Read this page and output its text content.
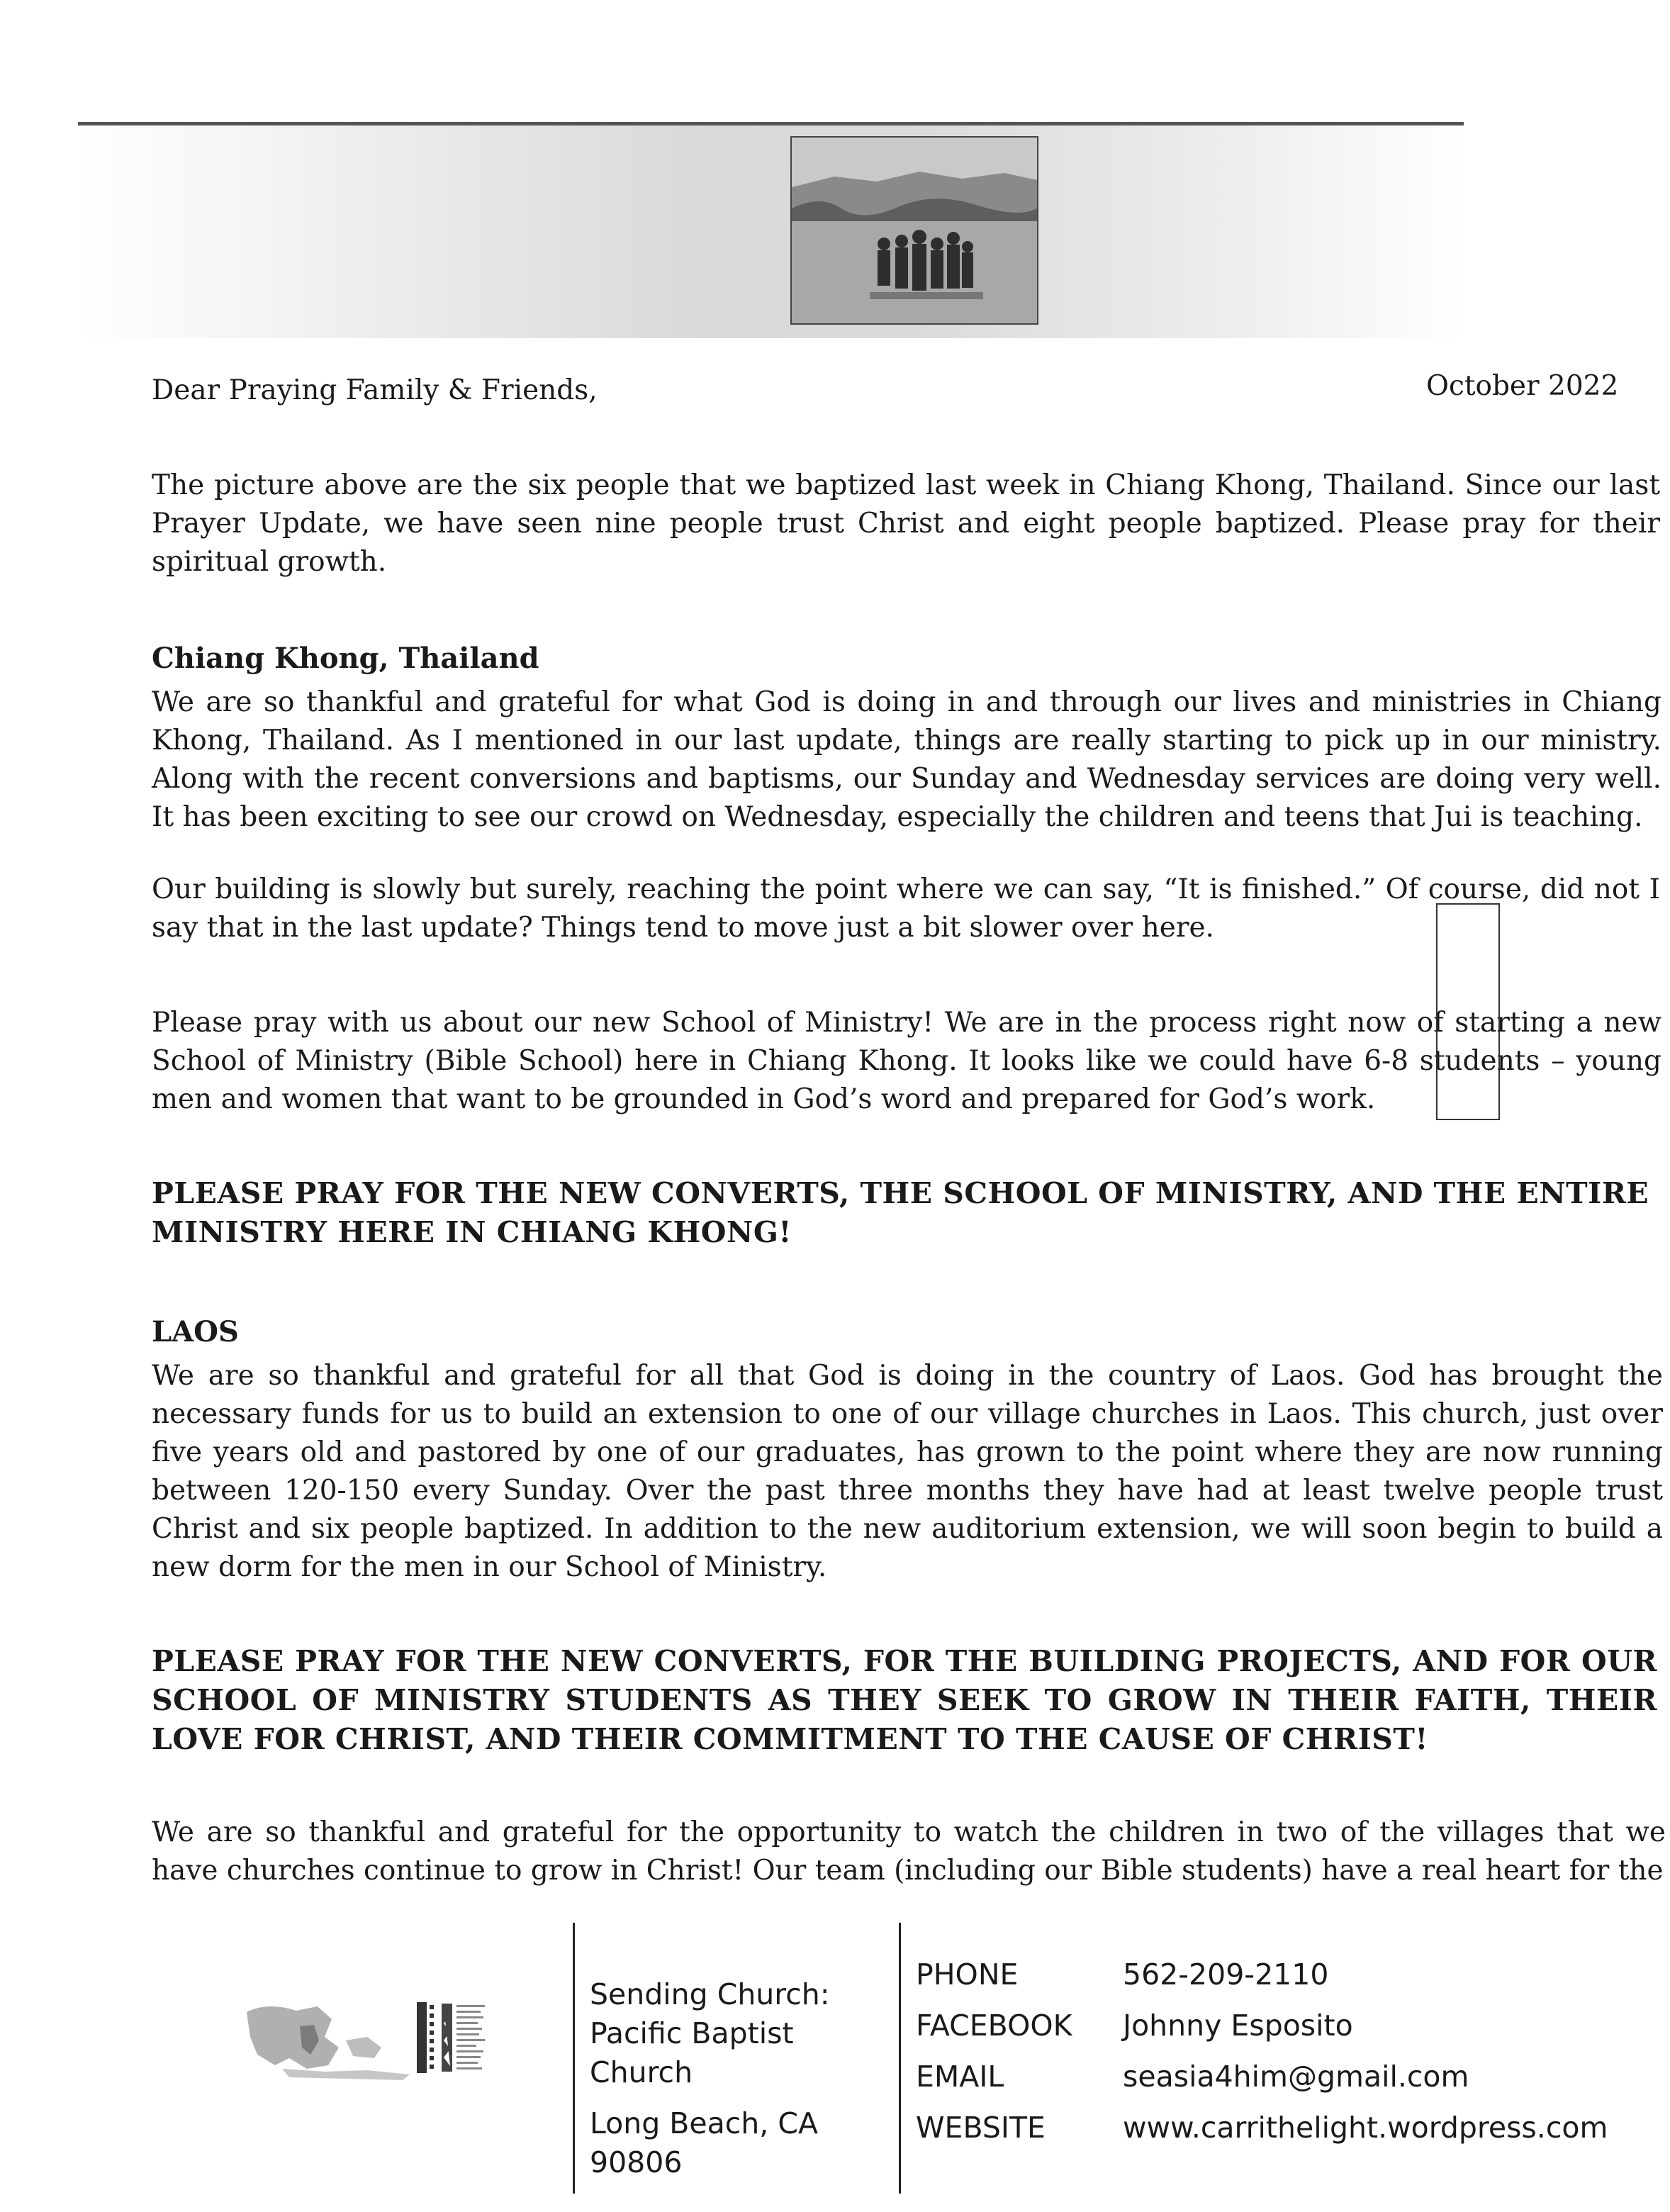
Dear Praying Family & Friends,	October 2022
The picture above are the six people that we baptized last week in Chiang Khong, Thailand. Since our last Prayer Update, we have seen nine people trust Christ and eight people baptized. Please pray for their spiritual growth.
Chiang Khong, Thailand
We are so thankful and grateful for what God is doing in and through our lives and ministries in Chiang Khong, Thailand. As I mentioned in our last update, things are really starting to pick up in our ministry. Along with the recent conversions and baptisms, our Sunday and Wednesday services are doing very well. It has been exciting to see our crowd on Wednesday, especially the children and teens that Jui is teaching.
Our building is slowly but surely, reaching the point where we can say, “It is finished.” Of course, did not I say that in the last update? Things tend to move just a bit slower over here.
Please pray with us about our new School of Ministry! We are in the process right now of starting a new School of Ministry (Bible School) here in Chiang Khong. It looks like we could have 6-8 students – young men and women that want to be grounded in God’s word and prepared for God’s work.
PLEASE PRAY FOR THE NEW CONVERTS, THE SCHOOL OF MINISTRY, AND THE ENTIRE MINISTRY HERE IN CHIANG KHONG!
LAOS
We are so thankful and grateful for all that God is doing in the country of Laos. God has brought the necessary funds for us to build an extension to one of our village churches in Laos. This church, just over five years old and pastored by one of our graduates, has grown to the point where they are now running between 120-150 every Sunday. Over the past three months they have had at least twelve people trust Christ and six people baptized. In addition to the new auditorium extension, we will soon begin to build a new dorm for the men in our School of Ministry.
PLEASE PRAY FOR THE NEW CONVERTS, FOR THE BUILDING PROJECTS, AND FOR OUR SCHOOL OF MINISTRY STUDENTS AS THEY SEEK TO GROW IN THEIR FAITH, THEIR LOVE FOR CHRIST, AND THEIR COMMITMENT TO THE CAUSE OF CHRIST!
We are so thankful and grateful for the opportunity to watch the children in two of the villages that we have churches continue to grow in Christ! Our team (including our Bible students) have a real heart for the
Sending Church:
Pacific Baptist
Church
Long Beach, CA
90806
PHONE	562-209-2110
FACEBOOK Johnny Esposito
EMAIL	seasia4him@gmail.com
WEBSITE	www.carrithelight.wordpress.com
